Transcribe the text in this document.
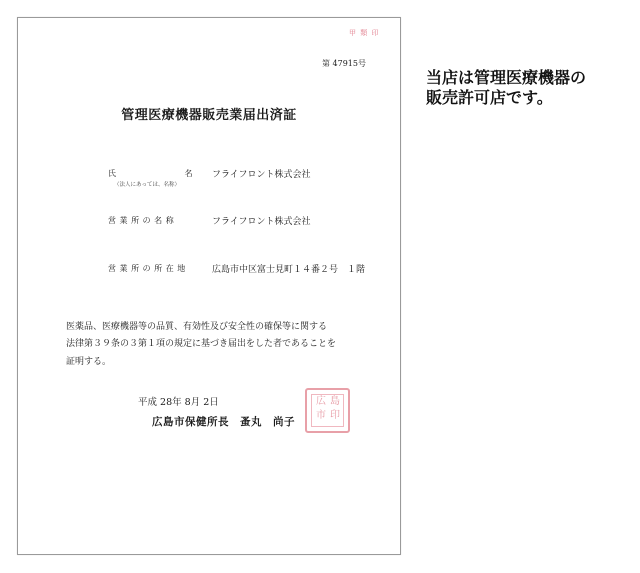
甲 類 印
第 47915号
管理医療機器販売業届出済証
氏　　　　　　　　名
（法人にあっては、名称）
フライフロント株式会社
営 業 所 の 名 称	フライフロント株式会社
営 業 所 の 所 在 地	広島市中区富士見町１４番２号　１階
医薬品、医療機器等の品質、有効性及び安全性の確保等に関する
法律第３９条の３第１項の規定に基づき届出をした者であることを
証明する。
平成 28年 8月 2日
広島市保健所長　蚤丸　尚子
広 島
市 印
当店は管理医療機器の
販売許可店です。
